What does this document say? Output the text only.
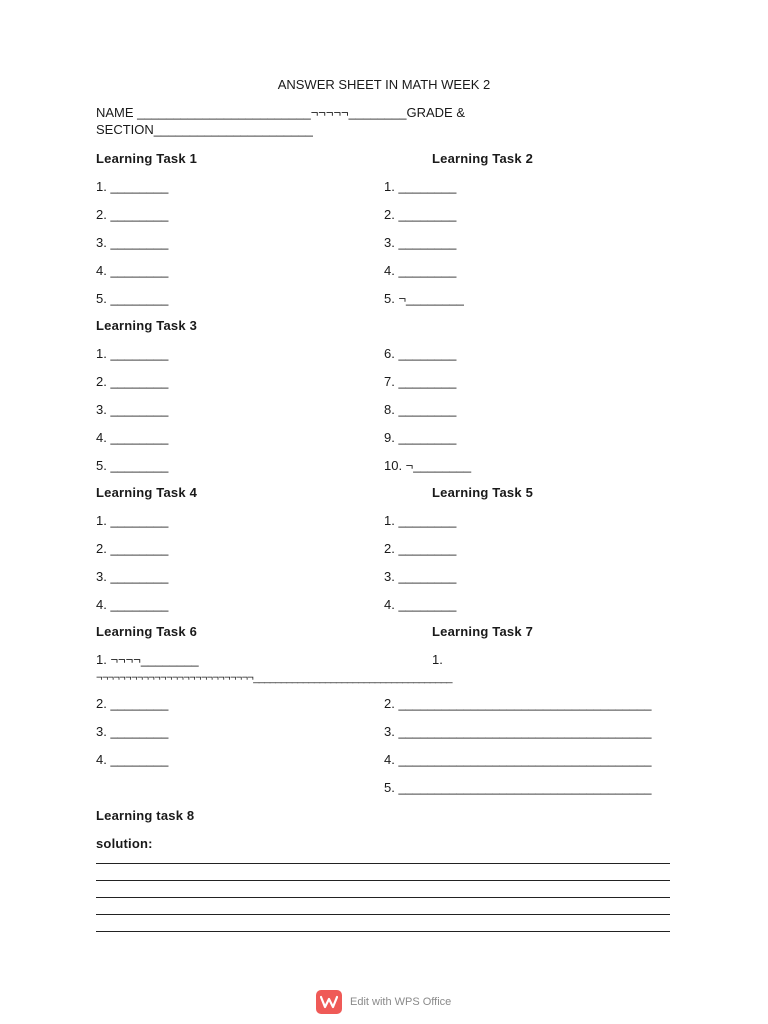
ANSWER SHEET IN MATH WEEK 2
NAME ________________________¬¬¬¬¬________GRADE &
SECTION______________________
Learning Task 1	Learning Task 2
1. ________
2. ________
3. ________
4. ________
5. ________
1. ________
2. ________
3. ________
4. ________
5. ¬________
Learning Task 3
1. ________
2. ________
3. ________
4. ________
5. ________
6. ________
7. ________
8. ________
9. ________
10. ¬________
Learning Task 4	Learning Task 5
1. ________
2. ________
3. ________
4. ________
1. ________
2. ________
3. ________
4. ________
Learning Task 6	Learning Task 7
1. ¬¬¬¬________	1.
¬¬¬¬¬¬¬¬¬¬¬¬¬¬¬¬¬¬¬¬¬¬¬¬¬¬¬____________________________________
2. ________
3. ________
4. ________
2. ___________________________________
3. ___________________________________
4. ___________________________________
5. ___________________________________
Learning task 8
solution:
Edit with WPS Office
